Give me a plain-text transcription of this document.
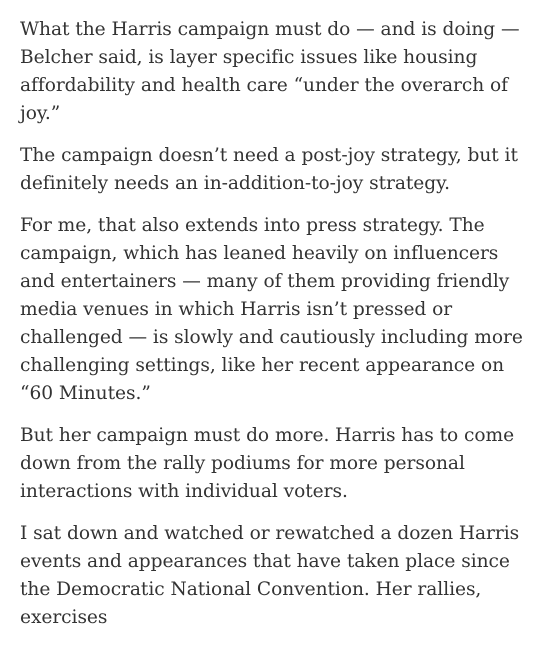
What the Harris campaign must do — and is doing — Belcher said, is layer specific issues like housing affordability and health care “under the overarch of joy.”

The campaign doesn’t need a post-joy strategy, but it definitely needs an in-addition-to-joy strategy.

For me, that also extends into press strategy. The campaign, which has leaned heavily on influencers and entertainers — many of them providing friendly media venues in which Harris isn’t pressed or challenged — is slowly and cautiously including more challenging settings, like her recent appearance on “60 Minutes.”

But her campaign must do more. Harris has to come down from the rally podiums for more personal interactions with individual voters.

I sat down and watched or rewatched a dozen Harris events and appearances that have taken place since the Democratic National Convention. Her rallies, exercises
